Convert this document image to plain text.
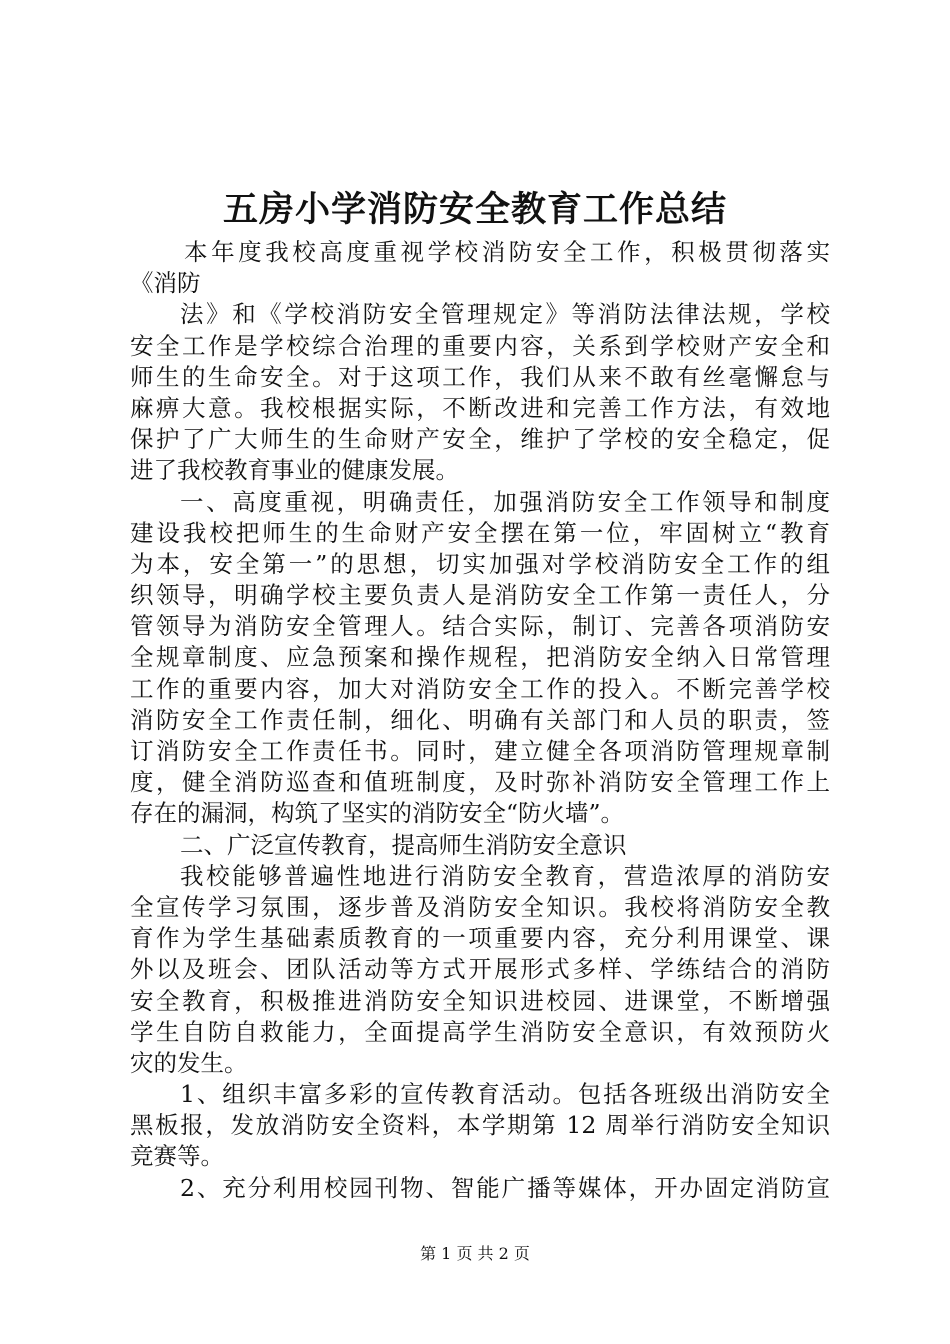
五房小学消防安全教育工作总结
本年度我校高度重视学校消防安全工作，积极贯彻落实
《消防
法》和《学校消防安全管理规定》等消防法律法规，学校
安全工作是学校综合治理的重要内容，关系到学校财产安全和
师生的生命安全。对于这项工作，我们从来不敢有丝毫懈怠与
麻痹大意。我校根据实际，不断改进和完善工作方法，有效地
保护了广大师生的生命财产安全，维护了学校的安全稳定，促
进了我校教育事业的健康发展。
一、高度重视，明确责任，加强消防安全工作领导和制度
建设我校把师生的生命财产安全摆在第一位，牢固树立“教育
为本，安全第一”的思想，切实加强对学校消防安全工作的组
织领导，明确学校主要负责人是消防安全工作第一责任人，分
管领导为消防安全管理人。结合实际，制订、完善各项消防安
全规章制度、应急预案和操作规程，把消防安全纳入日常管理
工作的重要内容，加大对消防安全工作的投入。不断完善学校
消防安全工作责任制，细化、明确有关部门和人员的职责，签
订消防安全工作责任书。同时，建立健全各项消防管理规章制
度，健全消防巡查和值班制度，及时弥补消防安全管理工作上
存在的漏洞，构筑了坚实的消防安全“防火墙”。
二、广泛宣传教育，提高师生消防安全意识
我校能够普遍性地进行消防安全教育，营造浓厚的消防安
全宣传学习氛围，逐步普及消防安全知识。我校将消防安全教
育作为学生基础素质教育的一项重要内容，充分利用课堂、课
外以及班会、团队活动等方式开展形式多样、学练结合的消防
安全教育，积极推进消防安全知识进校园、进课堂，不断增强
学生自防自救能力，全面提高学生消防安全意识，有效预防火
灾的发生。
1、组织丰富多彩的宣传教育活动。包括各班级出消防安全
黑板报，发放消防安全资料，本学期第 12 周举行消防安全知识
竞赛等。
2、充分利用校园刊物、智能广播等媒体，开办固定消防宣
第 1 页 共 2 页
